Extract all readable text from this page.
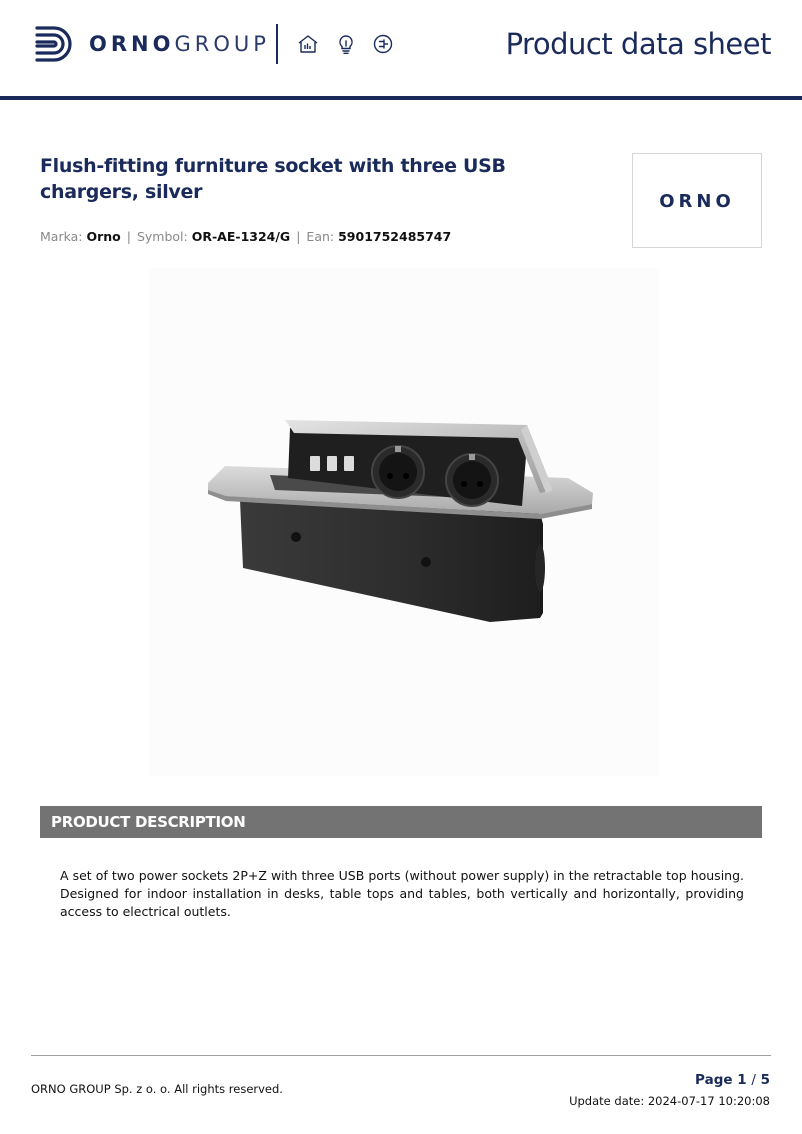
ORNOGROUP	Product data sheet
Flush-fitting furniture socket with three USB chargers, silver
Marka: Orno | Symbol: OR-AE-1324/G | Ean: 5901752485747
ORNO
PRODUCT DESCRIPTION
A set of two power sockets 2P+Z with three USB ports (without power supply) in the retractable top housing. Designed for indoor installation in desks, table tops and tables, both vertically and horizontally, providing access to electrical outlets.
ORNO GROUP Sp. z o. o. All rights reserved.
Page 1 / 5
Update date: 2024-07-17 10:20:08
